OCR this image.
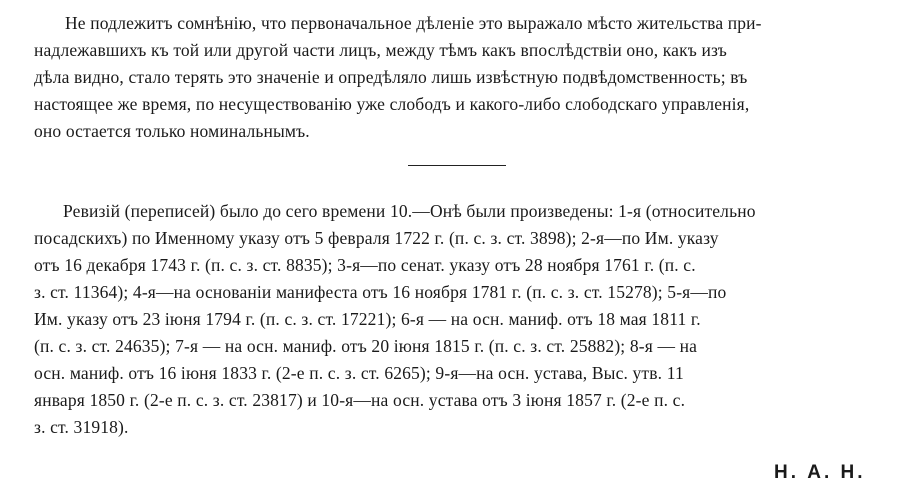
Не подлежитъ сомнѣнію, что первоначальное дѣленіе это выражало мѣсто жительства при-
надлежавшихъ къ той или другой части лицъ, между тѣмъ какъ впослѣдствіи оно, какъ изъ
дѣла видно, стало терять это значеніе и опредѣляло лишь извѣстную подвѣдомственность; въ
настоящее же время, по несуществованію уже слободъ и какого-либо слободскаго управленія,
оно остается только номинальнымъ.
Ревизій (переписей) было до сего времени 10.—Онѣ были произведены: 1-я (относительно
посадскихъ) по Именному указу отъ 5 февраля 1722 г. (п. с. з. ст. 3898); 2-я—по Им. указу
отъ 16 декабря 1743 г. (п. с. з. ст. 8835); 3-я—по сенат. указу отъ 28 ноября 1761 г. (п. с.
з. ст. 11364); 4-я—на основаніи манифеста отъ 16 ноября 1781 г. (п. с. з. ст. 15278); 5-я—по
Им. указу отъ 23 іюня 1794 г. (п. с. з. ст. 17221); 6-я — на осн. маниф. отъ 18 мая 1811 г.
(п. с. з. ст. 24635); 7-я — на осн. маниф. отъ 20 іюня 1815 г. (п. с. з. ст. 25882); 8-я — на
осн. маниф. отъ 16 іюня 1833 г. (2-е п. с. з. ст. 6265); 9-я—на осн. устава, Выс. утв. 11
января 1850 г. (2-е п. с. з. ст. 23817) и 10-я—на осн. устава отъ 3 іюня 1857 г. (2-е п. с.
з. ст. 31918).
Н. А. Н.
